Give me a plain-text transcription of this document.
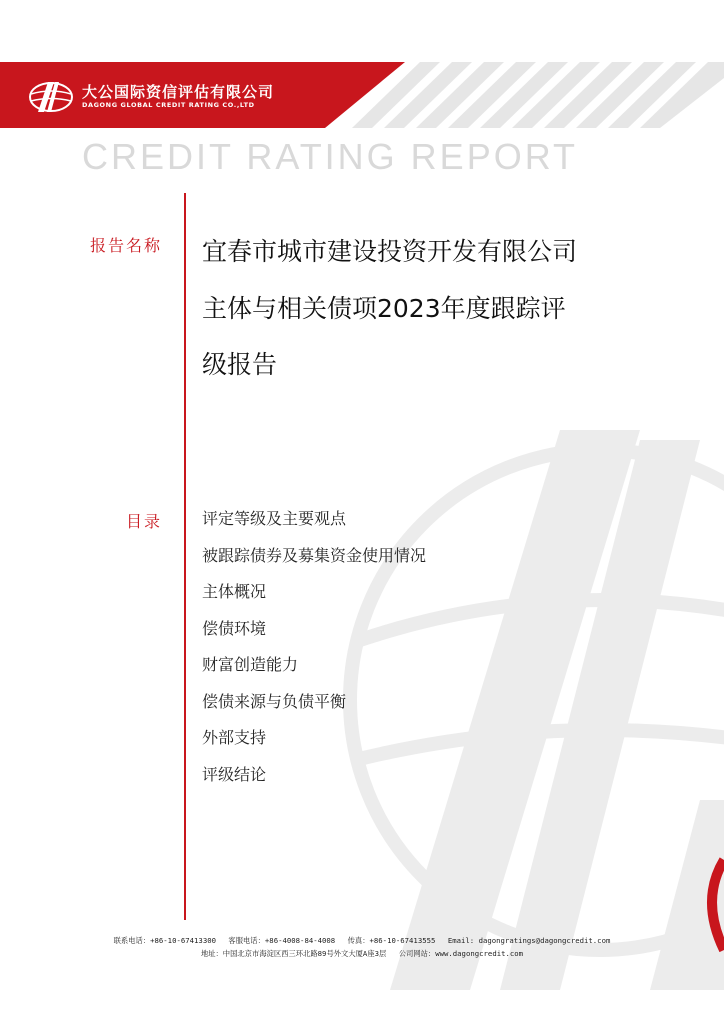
大公国际资信评估有限公司
DAGONG GLOBAL CREDIT RATING CO.,LTD
CREDIT RATING REPORT
报告名称 宜春市城市建设投资开发有限公司
主体与相关债项2023年度跟踪评
级报告
目录	评定等级及主要观点
被跟踪债券及募集资金使用情况
主体概况
偿债环境
财富创造能力
偿债来源与负债平衡
外部支持
评级结论
联系电话：+86-10-67413300 客服电话：+86-4008-84-4008 传真：+86-10-67413555 Email: dagongratings@dagongcredit.com
地址：中国北京市海淀区西三环北路89号外文大厦A座3层 公司网站：www.dagongcredit.com
